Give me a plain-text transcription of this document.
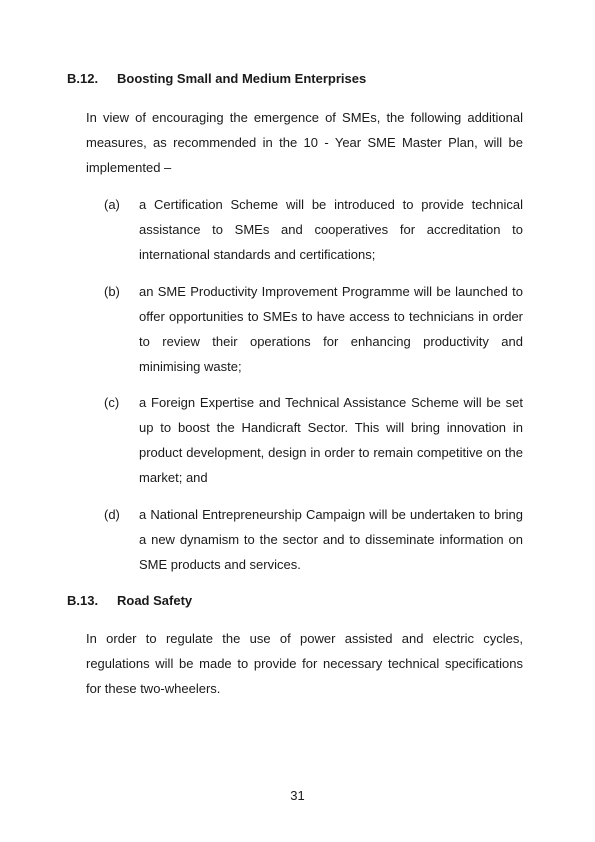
B.12. Boosting Small and Medium Enterprises
In view of encouraging the emergence of SMEs, the following additional measures, as recommended in the 10 - Year SME Master Plan, will be implemented –
(a) a Certification Scheme will be introduced to provide technical assistance to SMEs and cooperatives for accreditation to international standards and certifications;
(b) an SME Productivity Improvement Programme will be launched to offer opportunities to SMEs to have access to technicians in order to review their operations for enhancing productivity and minimising waste;
(c) a Foreign Expertise and Technical Assistance Scheme will be set up to boost the Handicraft Sector. This will bring innovation in product development, design in order to remain competitive on the market; and
(d) a National Entrepreneurship Campaign will be undertaken to bring a new dynamism to the sector and to disseminate information on SME products and services.
B.13. Road Safety
In order to regulate the use of power assisted and electric cycles, regulations will be made to provide for necessary technical specifications for these two-wheelers.
31
